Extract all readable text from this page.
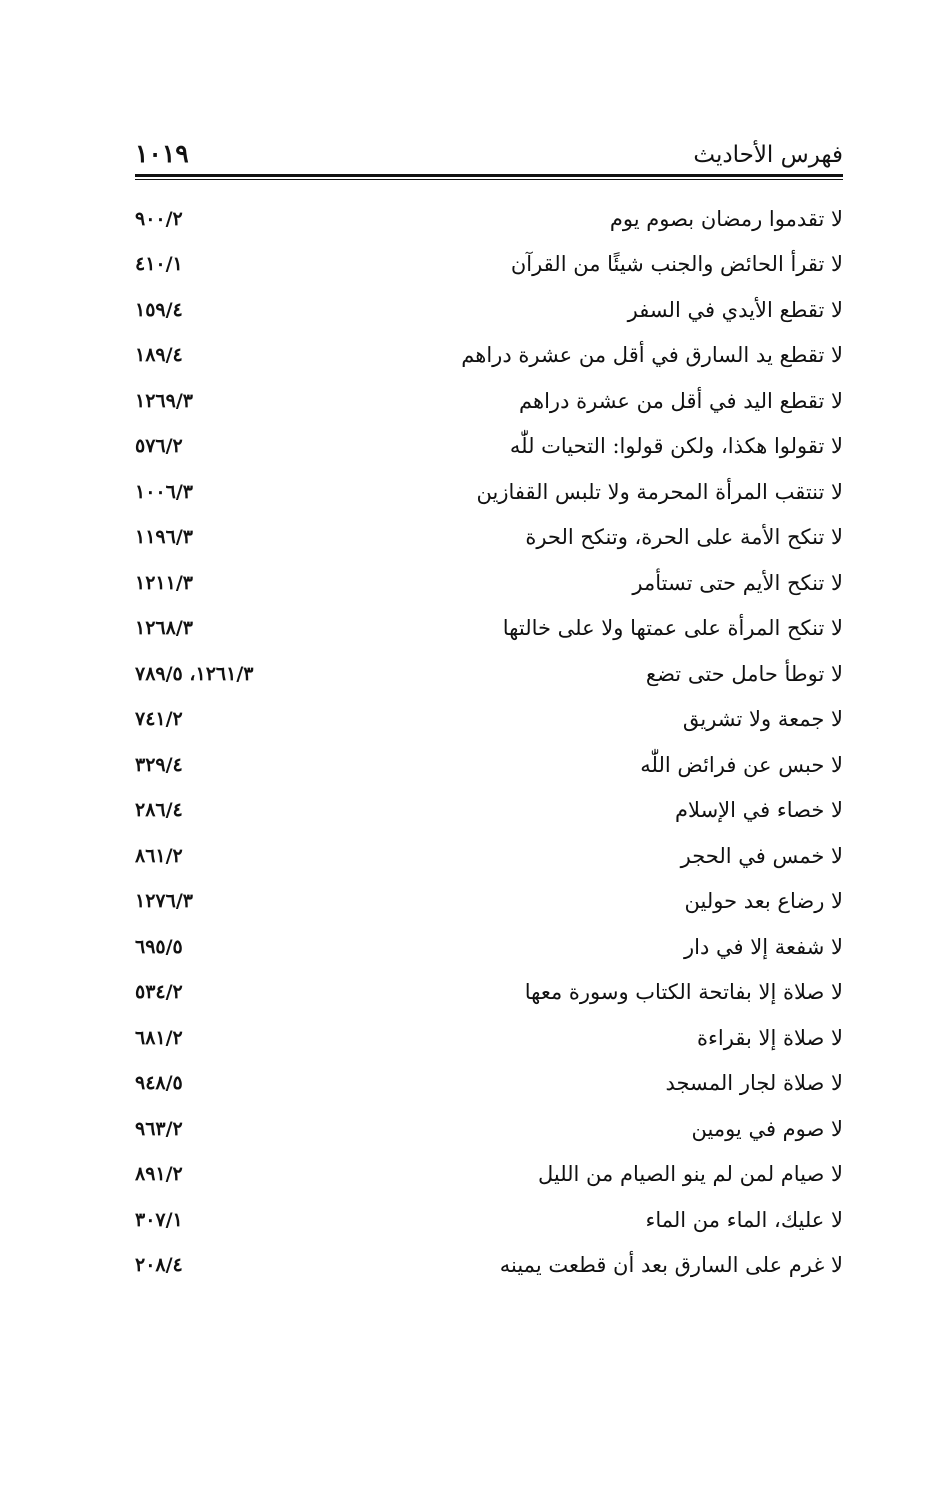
فهرس الأحاديث
١٠١٩
لا تقدموا رمضان بصوم يوم
٩٠٠/٢
لا تقرأ الحائض والجنب شيئًا من القرآن
٤١٠/١
لا تقطع الأيدي في السفر
١٥٩/٤
لا تقطع يد السارق في أقل من عشرة دراهم
١٨٩/٤
لا تقطع اليد في أقل من عشرة دراهم
١٢٦٩/٣
لا تقولوا هكذا، ولكن قولوا: التحيات للّٰه
٥٧٦/٢
لا تنتقب المرأة المحرمة ولا تلبس القفازين
١٠٠٦/٣
لا تنكح الأمة على الحرة، وتنكح الحرة
١١٩٦/٣
لا تنكح الأيم حتى تستأمر
١٢١١/٣
لا تنكح المرأة على عمتها ولا على خالتها
١٢٦٨/٣
لا توطأ حامل حتى تضع
١٢٦١/٣، ٧٨٩/٥
لا جمعة ولا تشريق
٧٤١/٢
لا حبس عن فرائض اللّٰه
٣٢٩/٤
لا خصاء في الإسلام
٢٨٦/٤
لا خمس في الحجر
٨٦١/٢
لا رضاع بعد حولين
١٢٧٦/٣
لا شفعة إلا في دار
٦٩٥/٥
لا صلاة إلا بفاتحة الكتاب وسورة معها
٥٣٤/٢
لا صلاة إلا بقراءة
٦٨١/٢
لا صلاة لجار المسجد
٩٤٨/٥
لا صوم في يومين
٩٦٣/٢
لا صيام لمن لم ينو الصيام من الليل
٨٩١/٢
لا عليك، الماء من الماء
٣٠٧/١
لا غرم على السارق بعد أن قطعت يمينه
٢٠٨/٤
